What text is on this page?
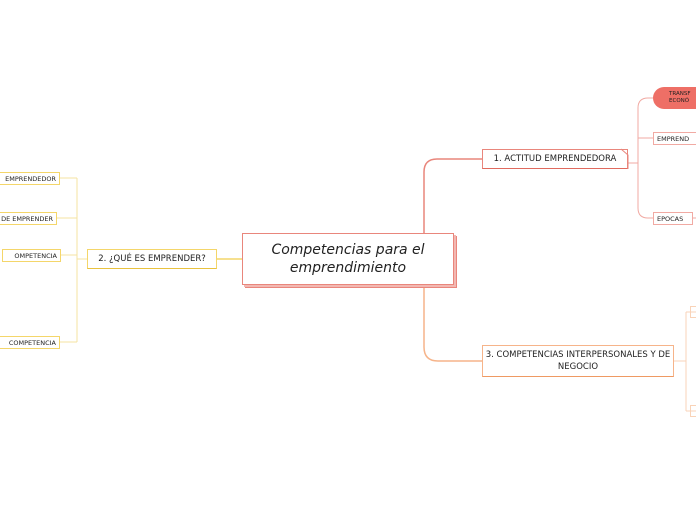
Competencias para el emprendimiento
1. ACTITUD EMPRENDEDORA
2. ¿QUÉ ES EMPRENDER?
3. COMPETENCIAS INTERPERSONALES Y DE NEGOCIO
TRANSF
ECONÓ
EMPREND
EPOCAS
EMPRENDEDOR
DE EMPRENDER
OMPETENCIA
COMPETENCIA
